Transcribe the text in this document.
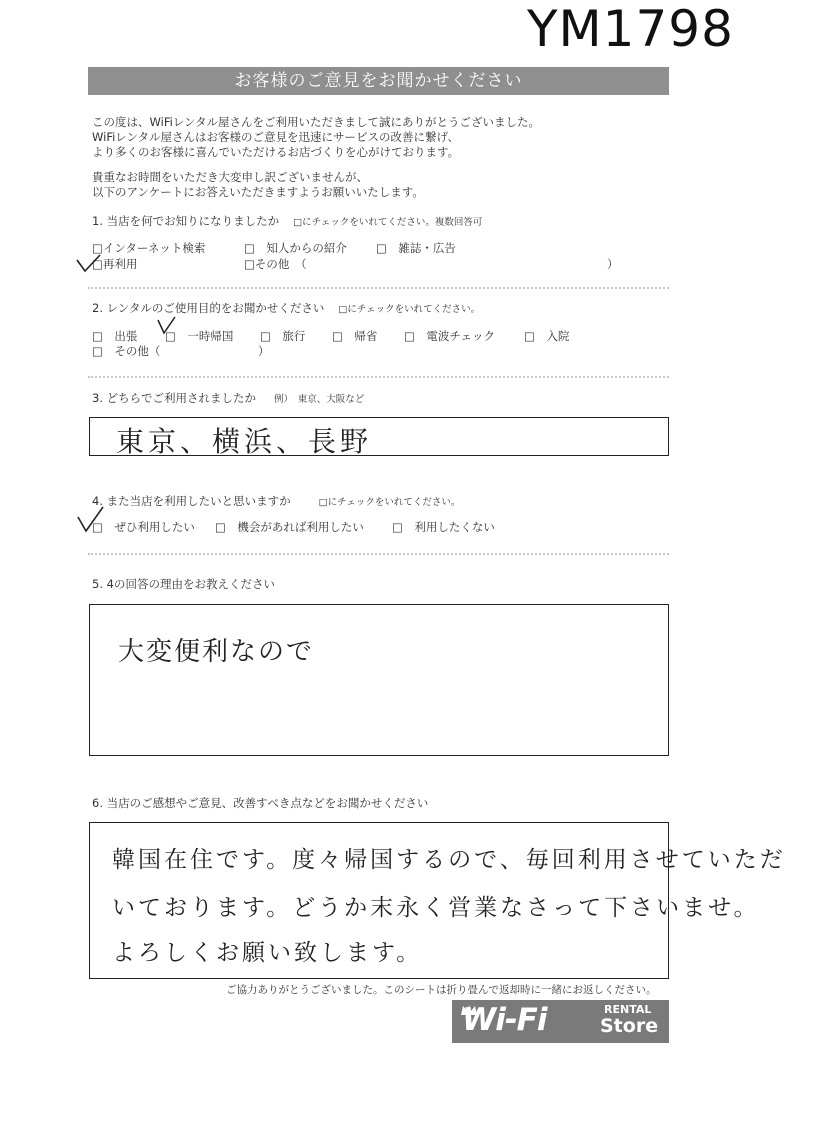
YM1798
お客様のご意見をお聞かせください
この度は、WiFiレンタル屋さんをご利用いただきまして誠にありがとうございました。
WiFiレンタル屋さんはお客様のご意見を迅速にサービスの改善に繋げ、
より多くのお客様に喜んでいただけるお店づくりを心がけております。
貴重なお時間をいただき大変申し訳ございませんが、
以下のアンケートにお答えいただきますようお願いいたします。
1. 当店を何でお知りになりましたか □にチェックをいれてください。複数回答可
□インターネット検索	□　知人からの紹介	□　雑誌・広告
□再利用	□その他　（	）
2. レンタルのご使用目的をお聞かせください □にチェックをいれてください。
□　出張 □　一時帰国 □　旅行 □　帰省 □　電波チェック	□　入院
□　その他（	）
3. どちらでご利用されましたか 例）　東京、大阪など
東京、横浜、長野
4. また当店を利用したいと思いますか	□にチェックをいれてください。
□　ぜひ利用したい □　機会があれば利用したい □　利用したくない
5. 4の回答の理由をお教えください
大変便利なので
6. 当店のご感想やご意見、改善すべき点などをお聞かせください
韓国在住です。度々帰国するので、毎回利用させていただ
いております。どうか末永く営業なさって下さいませ。
よろしくお願い致します。
ご協力ありがとうございました。このシートは折り畳んで返却時に一緒にお返しください。
Wi-Fi	RENTAL
Store
